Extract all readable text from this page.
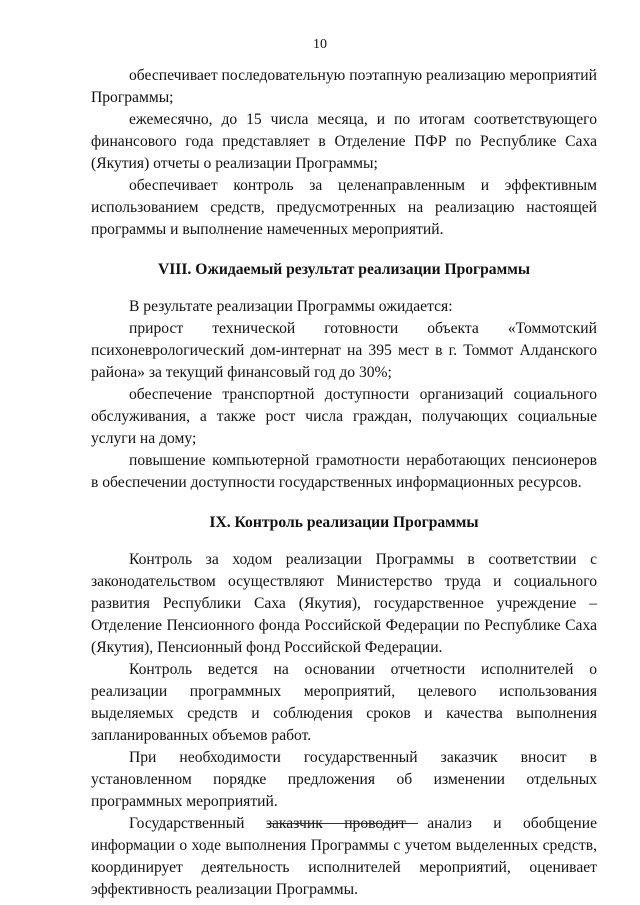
10

обеспечивает последовательную поэтапную реализацию мероприятий Программы;

ежемесячно, до 15 числа месяца, и по итогам соответствующего финансового года представляет в Отделение ПФР по Республике Саха (Якутия) отчеты о реализации Программы;

обеспечивает контроль за целенаправленным и эффективным использованием средств, предусмотренных на реализацию настоящей программы и выполнение намеченных мероприятий.

VIII. Ожидаемый результат реализации Программы

В результате реализации Программы ожидается:

прирост технической готовности объекта «Томмотский психоневрологический дом-интернат на 395 мест в г. Томмот Алданского района» за текущий финансовый год до 30%;

обеспечение транспортной доступности организаций социального обслуживания, а также рост числа граждан, получающих социальные услуги на дому;

повышение компьютерной грамотности неработающих пенсионеров в обеспечении доступности государственных информационных ресурсов.

IX. Контроль реализации Программы

Контроль за ходом реализации Программы в соответствии с законодательством осуществляют Министерство труда и социального развития Республики Саха (Якутия), государственное учреждение – Отделение Пенсионного фонда Российской Федерации по Республике Саха (Якутия), Пенсионный фонд Российской Федерации.

Контроль ведется на основании отчетности исполнителей о реализации программных мероприятий, целевого использования выделяемых средств и соблюдения сроков и качества выполнения запланированных объемов работ.

При необходимости государственный заказчик вносит в установленном порядке предложения об изменении отдельных программных мероприятий.

Государственный заказчик проводит анализ и обобщение информации о ходе выполнения Программы с учетом выделенных средств, координирует деятельность исполнителей мероприятий, оценивает эффективность реализации Программы.
